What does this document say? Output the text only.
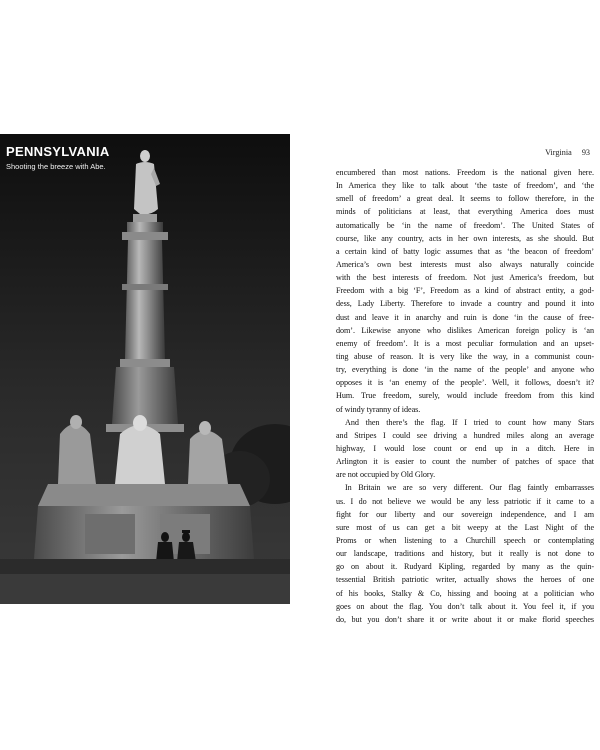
PENNSYLVANIA

Shooting the breeze with Abe.

Virginia 93
encumbered than most nations. Freedom is the national given here.
In America they like to talk about ‘the taste of freedom’, and ‘the
smell of freedom’ a great deal. It seems to follow therefore, in the
minds of politicians at least, that everything America does must
automatically be ‘in the name of freedom’. The United States of
course, like any country, acts in her own interests, as she should. But
a certain kind of batty logic assumes that as ‘the beacon of freedom’
America’s own best interests must also always naturally coincide
with the best interests of freedom. Not just America’s freedom, but
Freedom with a big ‘F’, Freedom as a kind of abstract entity, a god-
dess, Lady Liberty. Therefore to invade a country and pound it into
dust and leave it in anarchy and ruin is done ‘in the cause of free-
dom’. Likewise anyone who dislikes American foreign policy is ‘an
enemy of freedom’. It is a most peculiar formulation and an upset-
ting abuse of reason. It is very like the way, in a communist coun-
try, everything is done ‘in the name of the people’ and anyone who
opposes it is ‘an enemy of the people’. Well, it follows, doesn’t it?
Hum. True freedom, surely, would include freedom from this kind
of windy tyranny of ideas.
And then there’s the flag. If I tried to count how many Stars
and Stripes I could see driving a hundred miles along an average
highway, I would lose count or end up in a ditch. Here in
Arlington it is easier to count the number of patches of space that
are not occupied by Old Glory.
In Britain we are so very different. Our flag faintly embarrasses
us. I do not believe we would be any less patriotic if it came to a
fight for our liberty and our sovereign independence, and I am
sure most of us can get a bit weepy at the Last Night of the
Proms or when listening to a Churchill speech or contemplating
our landscape, traditions and history, but it really is not done to
go on about it. Rudyard Kipling, regarded by many as the quin-
tessential British patriotic writer, actually shows the heroes of one
of his books, Stalky & Co, hissing and booing at a politician who
goes on about the flag. You don’t talk about it. You feel it, if you
do, but you don’t share it or write about it or make florid speeches
